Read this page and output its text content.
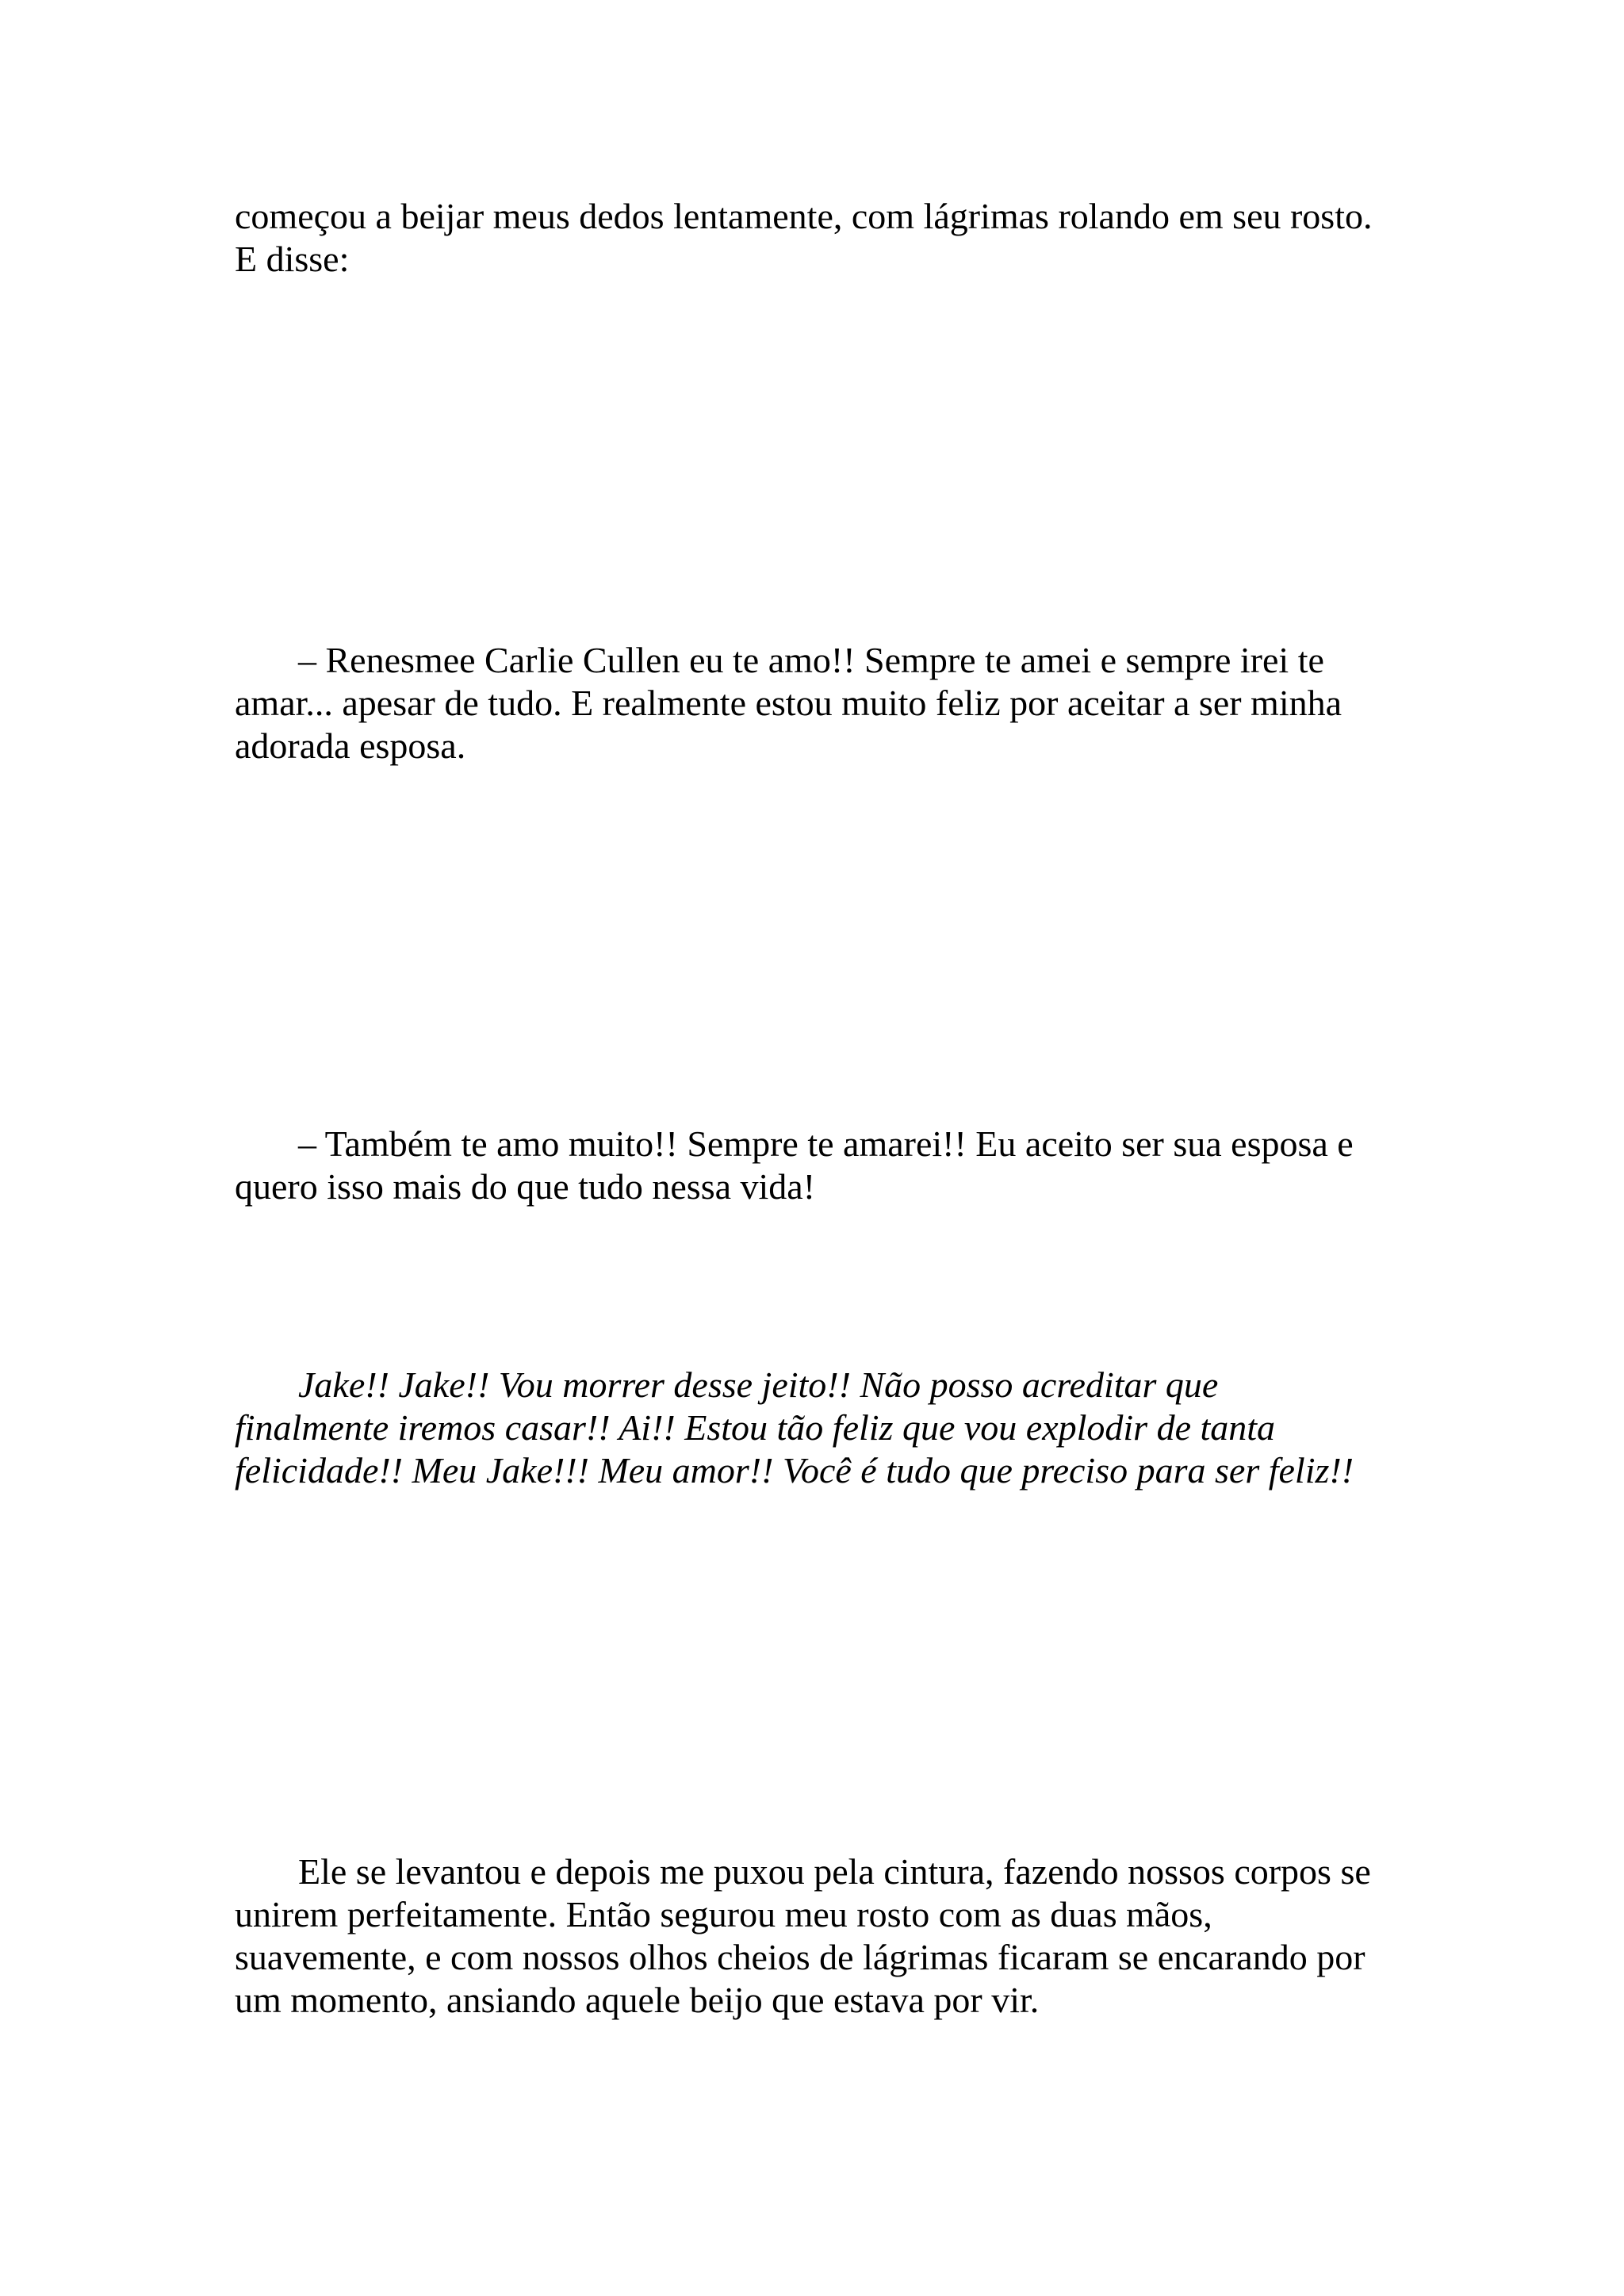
começou a beijar meus dedos lentamente, com lágrimas rolando em seu rosto.
E disse:

– Renesmee Carlie Cullen eu te amo!! Sempre te amei e sempre irei te
amar... apesar de tudo. E realmente estou muito feliz por aceitar a ser minha
adorada esposa.

– Também te amo muito!! Sempre te amarei!! Eu aceito ser sua esposa e
quero isso mais do que tudo nessa vida!

Jake!! Jake!! Vou morrer desse jeito!! Não posso acreditar que
finalmente iremos casar!! Ai!! Estou tão feliz que vou explodir de tanta
felicidade!! Meu Jake!!! Meu amor!! Você é tudo que preciso para ser feliz!!

Ele se levantou e depois me puxou pela cintura, fazendo nossos corpos se
unirem perfeitamente. Então segurou meu rosto com as duas mãos,
suavemente, e com nossos olhos cheios de lágrimas ficaram se encarando por
um momento, ansiando aquele beijo que estava por vir.
